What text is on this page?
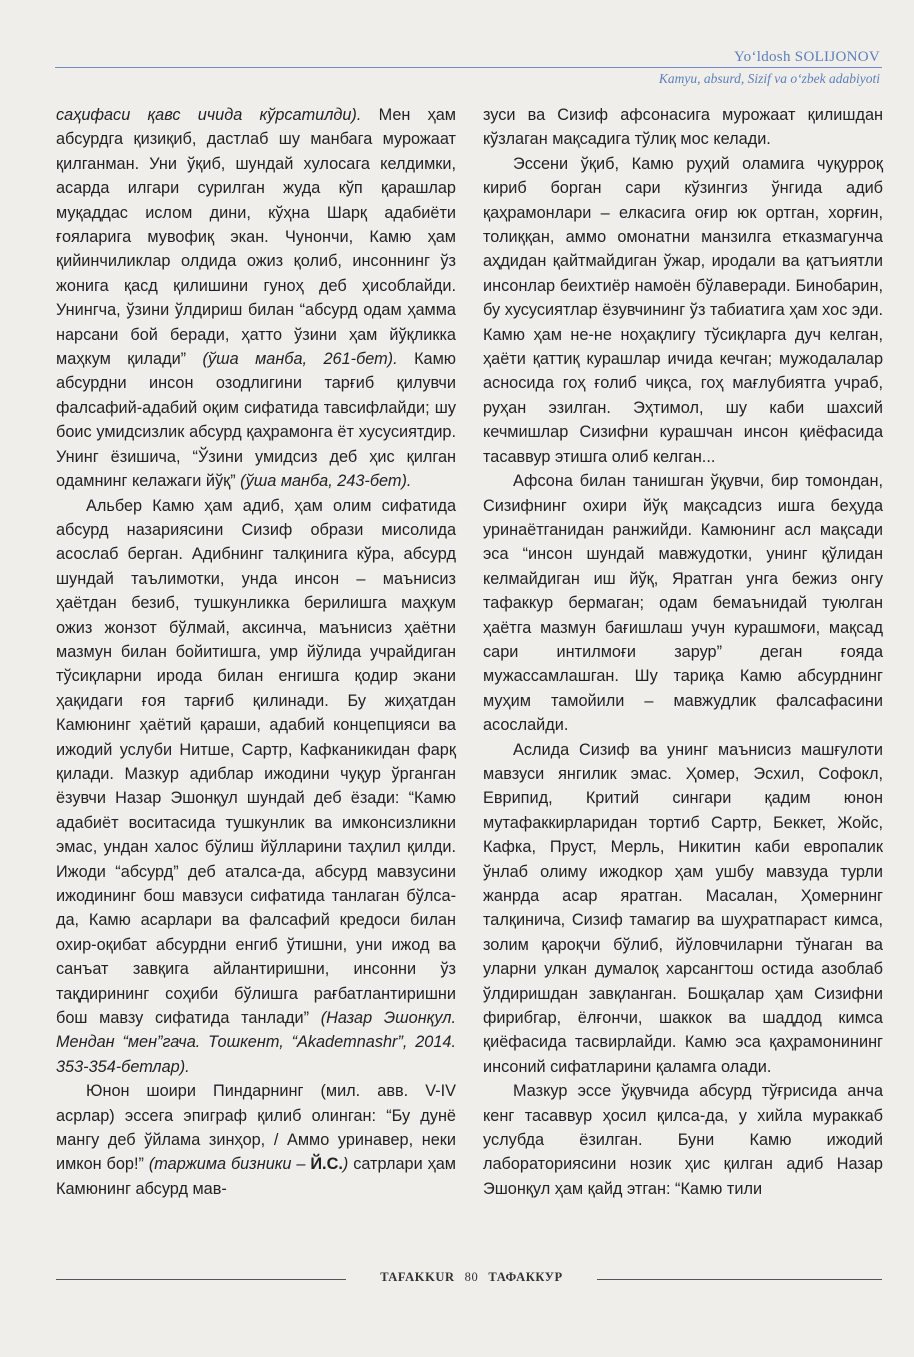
Yo‘ldosh SOLIJONOV
Kamyu, absurd, Sizif va o‘zbek adabiyoti

саҳифаси қавс ичида кўрсатилди). Мен ҳам абсурдга қизиқиб, дастлаб шу манбага мурожаат қилганман. Уни ўқиб, шундай хулосага келдимки, асарда илгари сурилган жуда кўп қарашлар муқаддас ислом дини, кўҳна Шарқ адабиёти ғояларига мувофиқ экан. Чунончи, Камю ҳам қийинчиликлар олдида ожиз қолиб, инсоннинг ўз жонига қасд қилишини гуноҳ деб ҳисоблайди. Унингча, ўзини ўлдириш билан “абсурд одам ҳамма нарсани бой беради, ҳатто ўзини ҳам йўқликка маҳкум қилади” (ўша манба, 261-бет). Камю абсурдни инсон озодлигини тарғиб қилувчи фалсафий-адабий оқим сифатида тавсифлайди; шу боис умидсизлик абсурд қаҳрамонга ёт хусусиятдир. Унинг ёзишича, “Ўзини умидсиз деб ҳис қилган одамнинг келажаги йўқ” (ўша манба, 243-бет).

Альбер Камю ҳам адиб, ҳам олим сифатида абсурд назариясини Сизиф образи мисолида асослаб берган. Адибнинг талқинига кўра, абсурд шундай таълимотки, унда инсон – маънисиз ҳаётдан безиб, тушкунликка берилишга маҳкум ожиз жонзот бўлмай, аксинча, маънисиз ҳаётни мазмун билан бойитишга, умр йўлида учрайдиган тўсиқларни ирода билан енгишга қодир экани ҳақидаги ғоя тарғиб қилинади. Бу жиҳатдан Камюнинг ҳаётий қараши, адабий концепцияси ва ижодий услуби Нитше, Сартр, Кафканикидан фарқ қилади. Мазкур адиблар ижодини чуқур ўрганган ёзувчи Назар Эшонқул шундай деб ёзади: “Камю адабиёт воситасида тушкунлик ва имконсизликни эмас, ундан халос бўлиш йўлларини таҳлил қилди. Ижоди “абсурд” деб аталса-да, абсурд мавзусини ижодининг бош мавзуси сифатида танлаган бўлса-да, Камю асарлари ва фалсафий кредоси билан охир-оқибат абсурдни енгиб ўтишни, уни ижод ва санъат завқига айлантиришни, инсонни ўз тақдирининг соҳиби бўлишга рағбатлантиришни бош мавзу сифатида танлади” (Назар Эшонқул. Мендан “мен”гача. Тошкент, “Akademnashr”, 2014. 353-354-бетлар).

Юнон шоири Пиндарнинг (мил. авв. V-IV асрлар) эссега эпиграф қилиб олинган: “Бу дунё мангу деб ўйлама зинҳор, / Аммо уринавер, неки имкон бор!” (таржима бизники – Й.С.) сатрлари ҳам Камюнинг абсурд мав-

зуси ва Сизиф афсонасига мурожаат қилишдан кўзлаган мақсадига тўлиқ мос келади.

Эссени ўқиб, Камю руҳий оламига чуқурроқ кириб борган сари кўзингиз ўнгида адиб қаҳрамонлари – елкасига оғир юк ортган, хорғин, толиққан, аммо омонатни манзилга етказмагунча аҳдидан қайтмайдиган ўжар, иродали ва қатъиятли инсонлар беихтиёр намоён бўлаверади. Бинобарин, бу хусусиятлар ёзувчининг ўз табиатига ҳам хос эди. Камю ҳам не-не ноҳақлигу тўсиқларга дуч келган, ҳаёти қаттиқ курашлар ичида кечган; мужодалалар асносида гоҳ ғолиб чиқса, гоҳ мағлубиятга учраб, руҳан эзилган. Эҳтимол, шу каби шахсий кечмишлар Сизифни курашчан инсон қиёфасида тасаввур этишга олиб келган...

Афсона билан танишган ўқувчи, бир томондан, Сизифнинг охири йўқ мақсадсиз ишга беҳуда уринаётганидан ранжийди. Камюнинг асл мақсади эса “инсон шундай мавжудотки, унинг қўлидан келмайдиган иш йўқ, Яратган унга бежиз онгу тафаккур бермаган; одам бемаънидай туюлган ҳаётга мазмун бағишлаш учун курашмоғи, мақсад сари интилмоғи зарур” деган ғояда мужассамлашган. Шу тариқа Камю абсурднинг муҳим тамойили – мавжудлик фалсафасини асослайди.

Аслида Сизиф ва унинг маънисиз машғулоти мавзуси янгилик эмас. Ҳомер, Эсхил, Софокл, Еврипид, Критий сингари қадим юнон мутафаккирларидан тортиб Сартр, Беккет, Жойс, Кафка, Пруст, Мерль, Никитин каби европалик ўнлаб олиму ижодкор ҳам ушбу мавзуда турли жанрда асар яратган. Масалан, Ҳомернинг талқинича, Сизиф тамагир ва шуҳратпараст кимса, золим қароқчи бўлиб, йўловчиларни тўнаган ва уларни улкан думалоқ харсангтош остида азоблаб ўлдиришдан завқланган. Бошқалар ҳам Сизифни фирибгар, ёлғончи, шаккок ва шаддод кимса қиёфасида тасвирлайди. Камю эса қаҳрамонининг инсоний сифатларини қаламга олади.

Мазкур эссе ўқувчида абсурд тўғрисида анча кенг тасаввур ҳосил қилса-да, у хийла мураккаб услубда ёзилган. Буни Камю ижодий лабораториясини нозик ҳис қилган адиб Назар Эшонқул ҳам қайд этган: “Камю тили

TAFAKKUR 80 ТАФАККУР
